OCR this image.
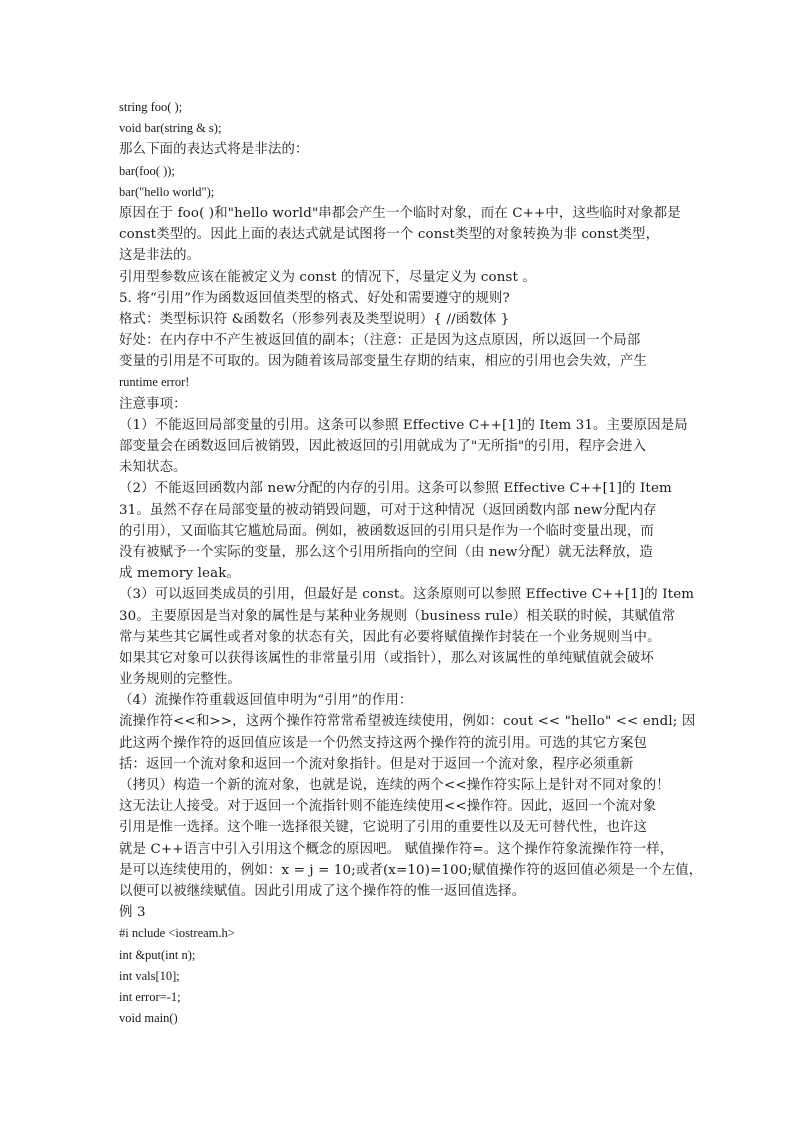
string foo( );
void bar(string & s);
那么下面的表达式将是非法的：
bar(foo( ));
bar("hello world");
原因在于 foo( )和"hello world"串都会产生一个临时对象，而在 C++中，这些临时对象都是
const类型的。因此上面的表达式就是试图将一个 const类型的对象转换为非 const类型，
这是非法的。
引用型参数应该在能被定义为 const 的情况下，尽量定义为 const 。
5. 将“引用”作为函数返回值类型的格式、好处和需要遵守的规则?
格式：类型标识符 &函数名（形参列表及类型说明）{ //函数体 }
好处：在内存中不产生被返回值的副本；（注意：正是因为这点原因，所以返回一个局部
变量的引用是不可取的。因为随着该局部变量生存期的结束，相应的引用也会失效，产生
runtime error!
注意事项：
（1）不能返回局部变量的引用。这条可以参照 Effective C++[1]的 Item 31。主要原因是局
部变量会在函数返回后被销毁，因此被返回的引用就成为了"无所指"的引用，程序会进入
未知状态。
（2）不能返回函数内部 new分配的内存的引用。这条可以参照 Effective C++[1]的 Item
31。虽然不存在局部变量的被动销毁问题，可对于这种情况（返回函数内部 new分配内存
的引用），又面临其它尴尬局面。例如，被函数返回的引用只是作为一个临时变量出现，而
没有被赋予一个实际的变量，那么这个引用所指向的空间（由 new分配）就无法释放，造
成 memory leak。
（3）可以返回类成员的引用，但最好是 const。这条原则可以参照 Effective C++[1]的 Item
30。主要原因是当对象的属性是与某种业务规则（business rule）相关联的时候，其赋值常
常与某些其它属性或者对象的状态有关，因此有必要将赋值操作封装在一个业务规则当中。
如果其它对象可以获得该属性的非常量引用（或指针），那么对该属性的单纯赋值就会破坏
业务规则的完整性。
（4）流操作符重载返回值申明为“引用”的作用：
流操作符<<和>>，这两个操作符常常希望被连续使用，例如：cout << "hello" << endl; 因
此这两个操作符的返回值应该是一个仍然支持这两个操作符的流引用。可选的其它方案包
括：返回一个流对象和返回一个流对象指针。但是对于返回一个流对象，程序必须重新
（拷贝）构造一个新的流对象，也就是说，连续的两个<<操作符实际上是针对不同对象的！
这无法让人接受。对于返回一个流指针则不能连续使用<<操作符。因此，返回一个流对象
引用是惟一选择。这个唯一选择很关键，它说明了引用的重要性以及无可替代性，也许这
就是 C++语言中引入引用这个概念的原因吧。 赋值操作符=。这个操作符象流操作符一样，
是可以连续使用的，例如：x = j = 10;或者(x=10)=100;赋值操作符的返回值必须是一个左值，
以便可以被继续赋值。因此引用成了这个操作符的惟一返回值选择。
例 3
#i nclude <iostream.h>
int &put(int n);
int vals[10];
int error=-1;
void main()
